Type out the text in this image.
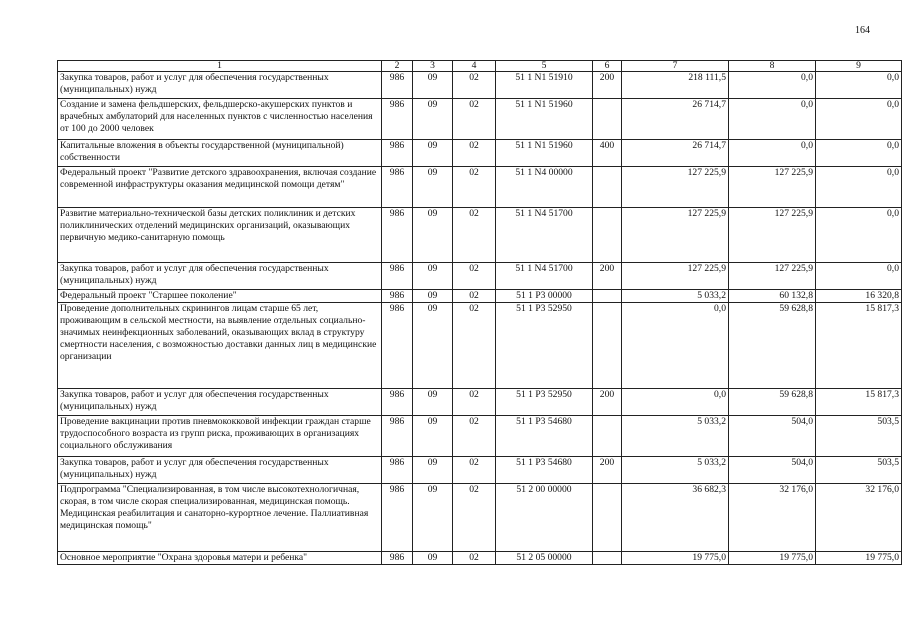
164
1	2	3	4	5	6	7	8	9
Закупка товаров, работ и услуг для обеспечения государственных (муниципальных) нужд	986	09	02	51 1 N1 51910	200	218 111,5	0,0	0,0
Создание и замена фельдшерских, фельдшерско-акушерских пунктов и врачебных амбулаторий для населенных пунктов с численностью населения от 100 до 2000 человек	986	09	02	51 1 N1 51960		26 714,7	0,0	0,0
Капитальные вложения в объекты государственной (муниципальной) собственности	986	09	02	51 1 N1 51960	400	26 714,7	0,0	0,0
Федеральный проект "Развитие детского здравоохранения, включая создание современной инфраструктуры оказания медицинской помощи детям"	986	09	02	51 1 N4 00000		127 225,9	127 225,9	0,0
Развитие материально-технической базы детских поликлиник и детских поликлинических отделений медицинских организаций, оказывающих первичную медико-санитарную помощь	986	09	02	51 1 N4 51700		127 225,9	127 225,9	0,0
Закупка товаров, работ и услуг для обеспечения государственных (муниципальных) нужд	986	09	02	51 1 N4 51700	200	127 225,9	127 225,9	0,0
Федеральный проект "Старшее поколение"	986	09	02	51 1 P3 00000		5 033,2	60 132,8	16 320,8
Проведение дополнительных скринингов лицам старше 65 лет, проживающим в сельской местности, на выявление отдельных социально-значимых неинфекционных заболеваний, оказывающих вклад в структуру смертности населения, с возможностью доставки данных лиц в медицинские организации	986	09	02	51 1 P3 52950		0,0	59 628,8	15 817,3
Закупка товаров, работ и услуг для обеспечения государственных (муниципальных) нужд	986	09	02	51 1 P3 52950	200	0,0	59 628,8	15 817,3
Проведение вакцинации против пневмококковой инфекции граждан старше трудоспособного возраста из групп риска, проживающих в организациях социального обслуживания	986	09	02	51 1 P3 54680		5 033,2	504,0	503,5
Закупка товаров, работ и услуг для обеспечения государственных (муниципальных) нужд	986	09	02	51 1 P3 54680	200	5 033,2	504,0	503,5
Подпрограмма "Специализированная, в том числе высокотехнологичная, скорая, в том числе скорая специализированная, медицинская помощь. Медицинская реабилитация и санаторно-курортное лечение. Паллиативная медицинская помощь"	986	09	02	51 2 00 00000		36 682,3	32 176,0	32 176,0
Основное мероприятие "Охрана здоровья матери и ребенка"	986	09	02	51 2 05 00000		19 775,0	19 775,0	19 775,0
